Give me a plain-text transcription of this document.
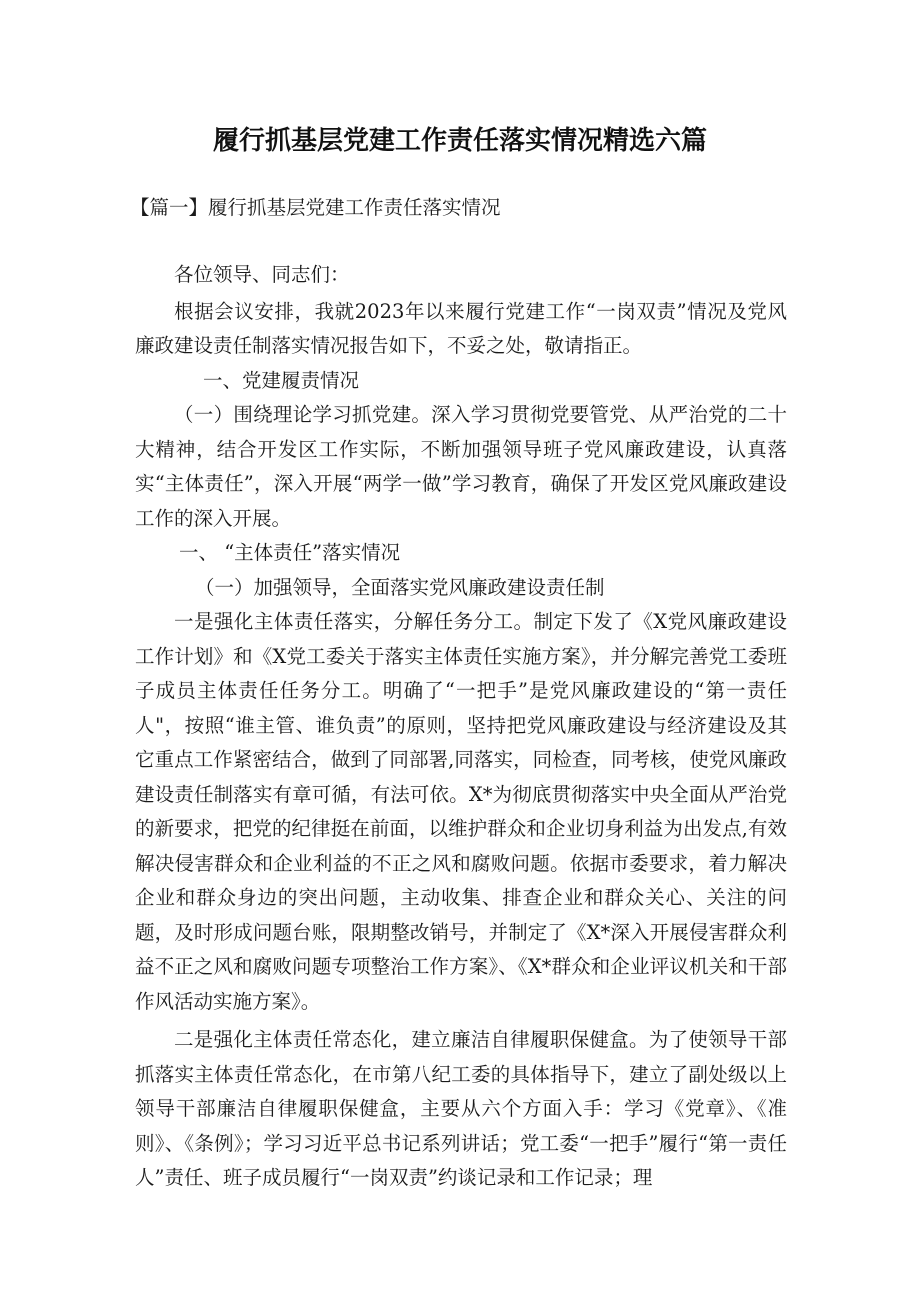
履行抓基层党建工作责任落实情况精选六篇
【篇一】履行抓基层党建工作责任落实情况

各位领导、同志们：

根据会议安排，我就2023年以来履行党建工作“一岗双责”情况及党风廉政建设责任制落实情况报告如下，不妥之处，敬请指正。

一、党建履责情况

（一）围绕理论学习抓党建。深入学习贯彻党要管党、从严治党的二十大精神，结合开发区工作实际，不断加强领导班子党风廉政建设，认真落实“主体责任”，深入开展“两学一做”学习教育，确保了开发区党风廉政建设工作的深入开展。

一、 “主体责任”落实情况

（一）加强领导，全面落实党风廉政建设责任制

一是强化主体责任落实，分解任务分工。制定下发了《X党风廉政建设工作计划》和《X党工委关于落实主体责任实施方案》，并分解完善党工委班子成员主体责任任务分工。明确了“一把手”是党风廉政建设的“第一责任人"，按照“谁主管、谁负责”的原则，坚持把党风廉政建设与经济建设及其它重点工作紧密结合，做到了同部署,同落实，同检查，同考核，使党风廉政建设责任制落实有章可循，有法可依。X*为彻底贯彻落实中央全面从严治党的新要求，把党的纪律挺在前面，以维护群众和企业切身利益为出发点,有效解决侵害群众和企业利益的不正之风和腐败问题。依据市委要求，着力解决企业和群众身边的突出问题，主动收集、排查企业和群众关心、关注的问题，及时形成问题台账，限期整改销号，并制定了《X*深入开展侵害群众利益不正之风和腐败问题专项整治工作方案》、《X*群众和企业评议机关和干部作风活动实施方案》。

二是强化主体责任常态化，建立廉洁自律履职保健盒。为了使领导干部抓落实主体责任常态化，在市第八纪工委的具体指导下，建立了副处级以上领导干部廉洁自律履职保健盒，主要从六个方面入手：学习《党章》、《准则》、《条例》；学习习近平总书记系列讲话；党工委“一把手”履行“第一责任人”责任、班子成员履行“一岗双责”约谈记录和工作记录；理
